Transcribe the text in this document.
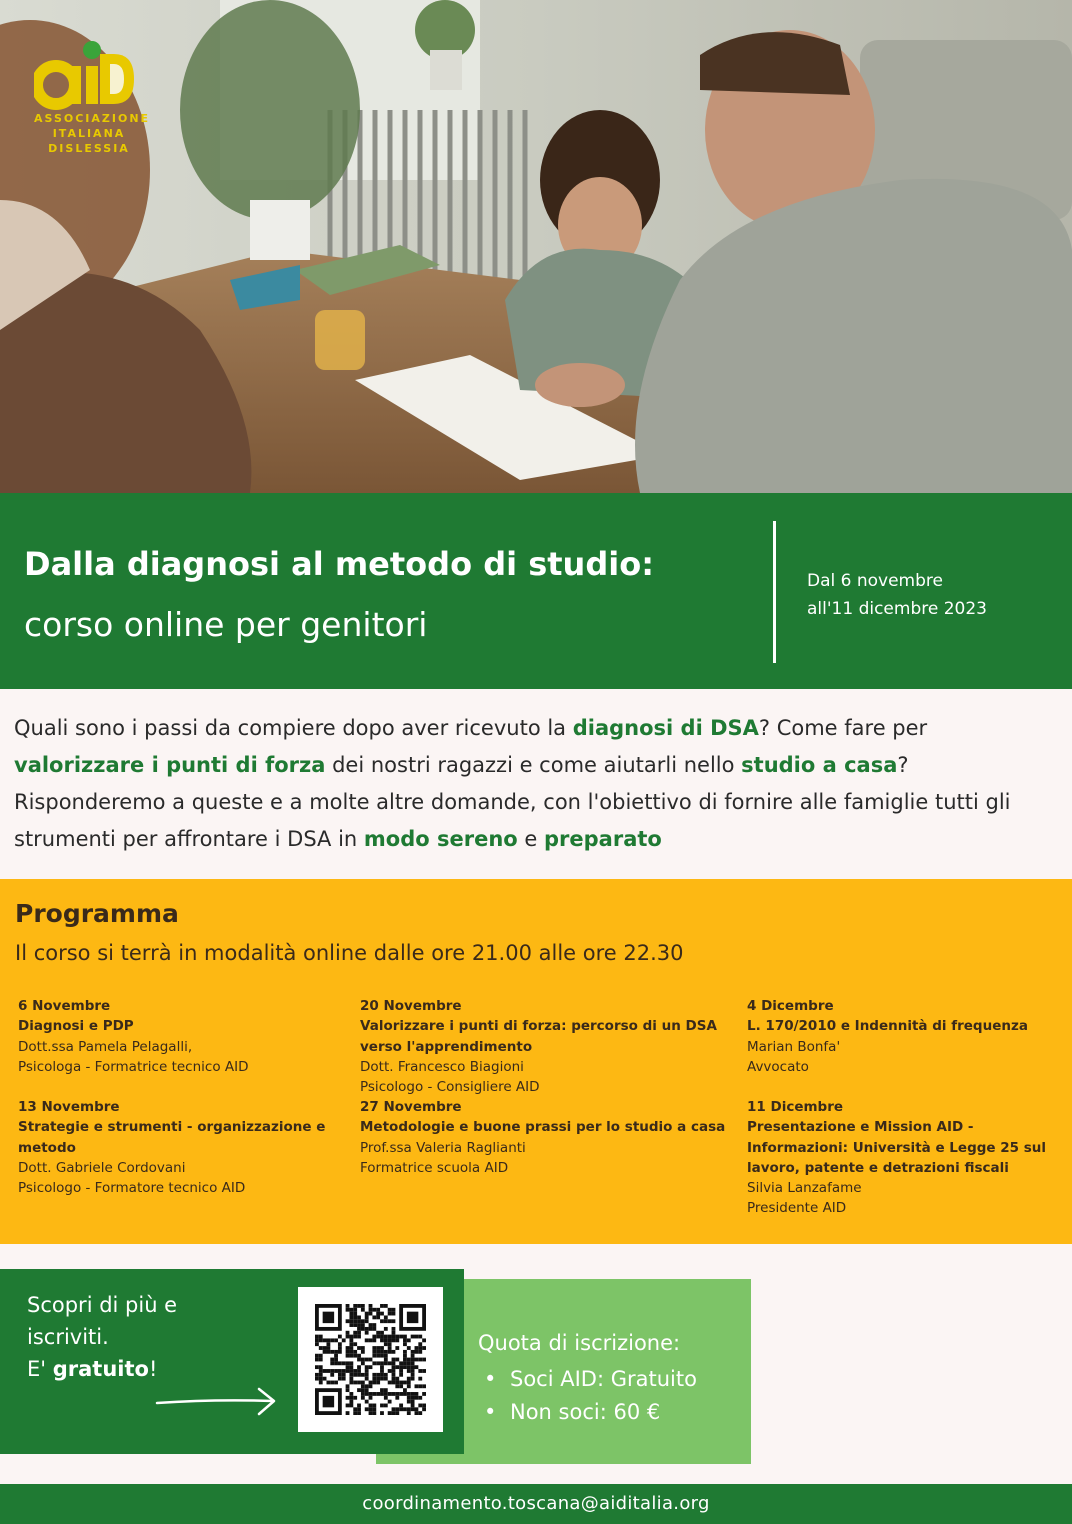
ASSOCIAZIONE
ITALIANA
DISLESSIA
Dalla diagnosi al metodo di studio:
corso online per genitori
Dal 6 novembre
all'11 dicembre 2023

Quali sono i passi da compiere dopo aver ricevuto la diagnosi di DSA? Come fare per valorizzare i punti di forza dei nostri ragazzi e come aiutarli nello studio a casa? Risponderemo a queste e a molte altre domande, con l'obiettivo di fornire alle famiglie tutti gli strumenti per affrontare i DSA in modo sereno e preparato

Programma
Il corso si terrà in modalità online dalle ore 21.00 alle ore 22.30
6 Novembre
Diagnosi e PDP
Dott.ssa Pamela Pelagalli,
Psicologa - Formatrice tecnico AID
13 Novembre
Strategie e strumenti - organizzazione e metodo
Dott. Gabriele Cordovani
Psicologo - Formatore tecnico AID
20 Novembre
Valorizzare i punti di forza: percorso di un DSA verso l'apprendimento
Dott. Francesco Biagioni
Psicologo - Consigliere AID
27 Novembre
Metodologie e buone prassi per lo studio a casa
Prof.ssa Valeria Raglianti
Formatrice scuola AID
4 Dicembre
L. 170/2010 e Indennità di frequenza
Marian Bonfa'
Avvocato
11 Dicembre
Presentazione e Mission AID - Informazioni: Università e Legge 25 sul lavoro, patente e detrazioni fiscali
Silvia Lanzafame
Presidente AID
Quota di iscrizione:
• Soci AID: Gratuito
• Non soci: 60 €
Scopri di più e
iscriviti.
E' gratuito!
coordinamento.toscana@aiditalia.org
